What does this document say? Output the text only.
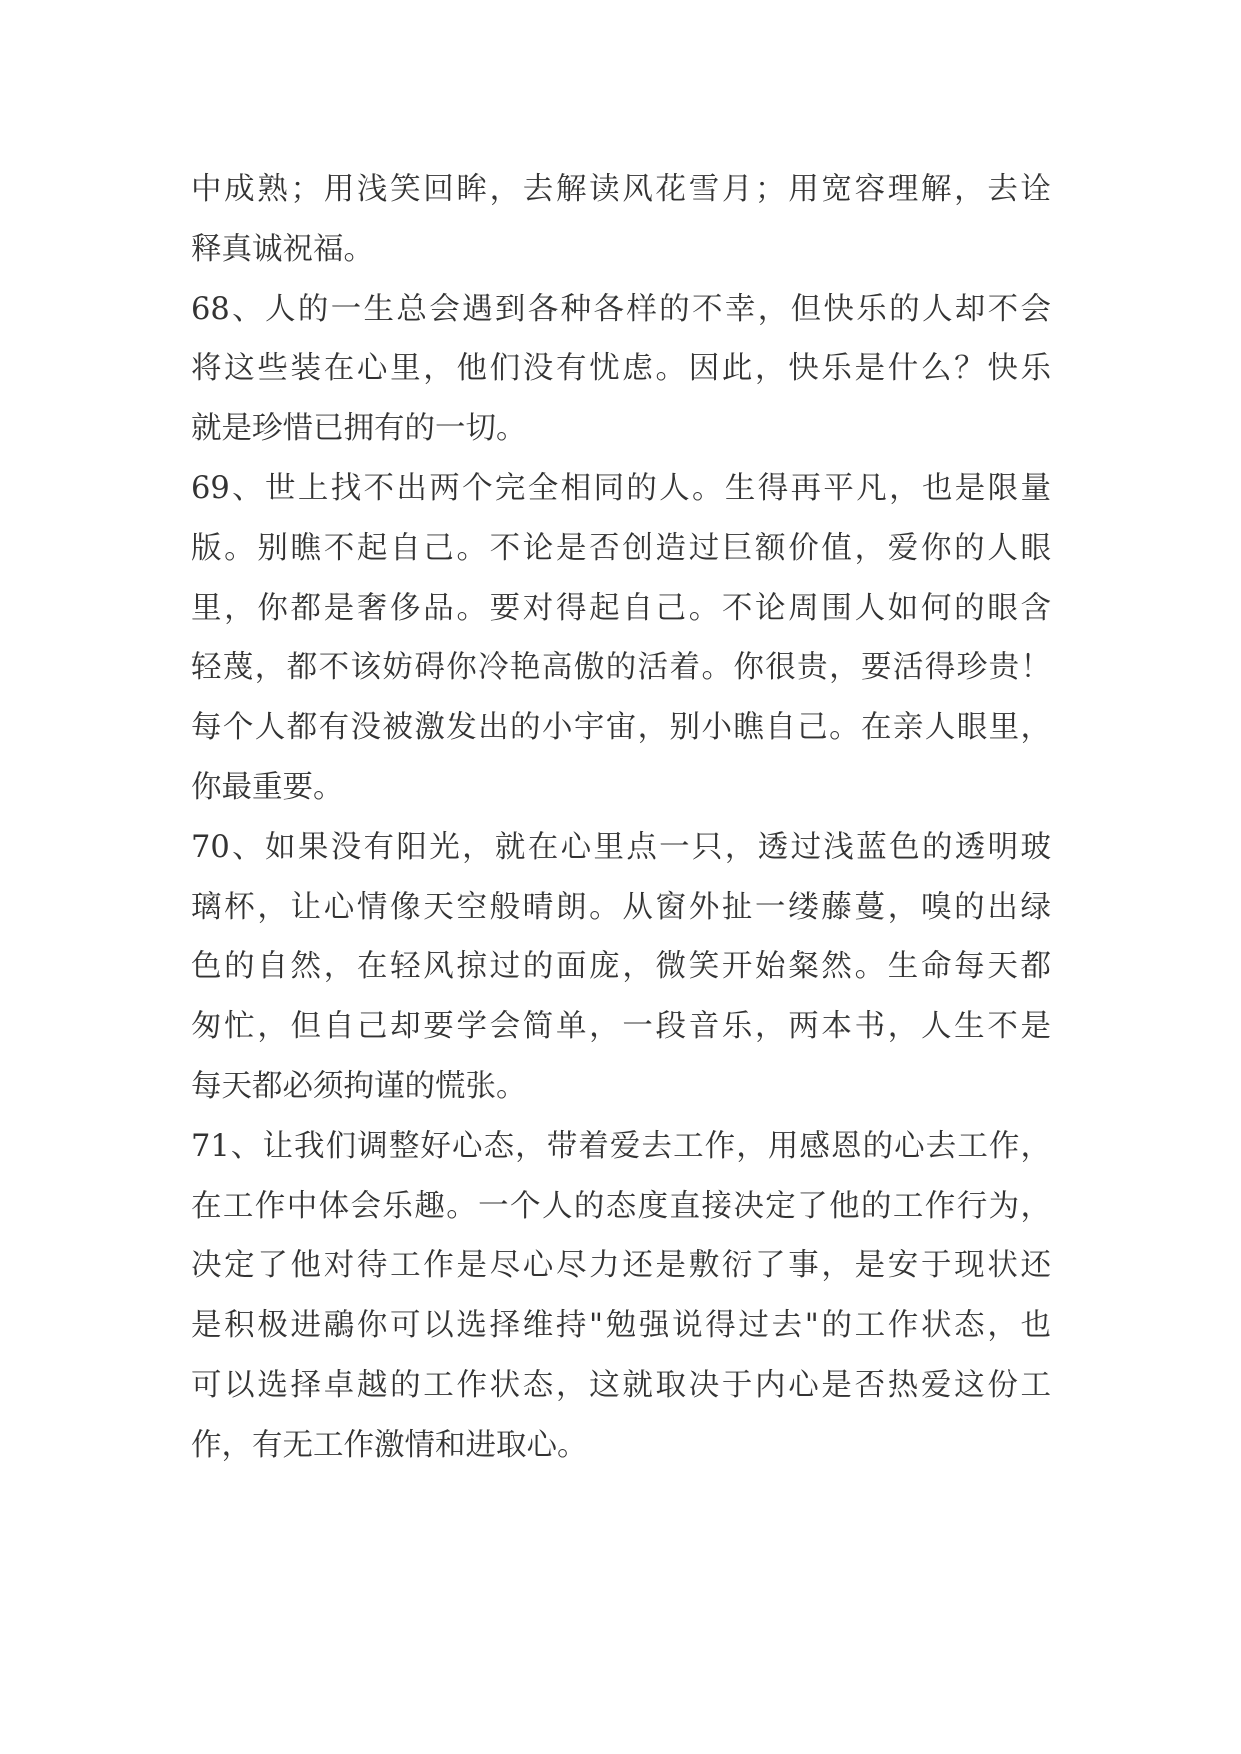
中成熟；用浅笑回眸，去解读风花雪月；用宽容理解，去诠
释真诚祝福。
68、人的一生总会遇到各种各样的不幸，但快乐的人却不会
将这些装在心里，他们没有忧虑。因此，快乐是什么？快乐
就是珍惜已拥有的一切。
69、世上找不出两个完全相同的人。生得再平凡，也是限量
版。别瞧不起自己。不论是否创造过巨额价值，爱你的人眼
里，你都是奢侈品。要对得起自己。不论周围人如何的眼含
轻蔑，都不该妨碍你冷艳高傲的活着。你很贵，要活得珍贵！
每个人都有没被激发出的小宇宙，别小瞧自己。在亲人眼里，
你最重要。
70、如果没有阳光，就在心里点一只，透过浅蓝色的透明玻
璃杯，让心情像天空般晴朗。从窗外扯一缕藤蔓，嗅的出绿
色的自然，在轻风掠过的面庞，微笑开始粲然。生命每天都
匆忙，但自己却要学会简单，一段音乐，两本书，人生不是
每天都必须拘谨的慌张。
71、让我们调整好心态，带着爱去工作，用感恩的心去工作，
在工作中体会乐趣。一个人的态度直接决定了他的工作行为，
决定了他对待工作是尽心尽力还是敷衍了事，是安于现状还
是积极进鷊你可以选择维持"勉强说得过去"的工作状态，也
可以选择卓越的工作状态，这就取决于内心是否热爱这份工
作，有无工作激情和进取心。
